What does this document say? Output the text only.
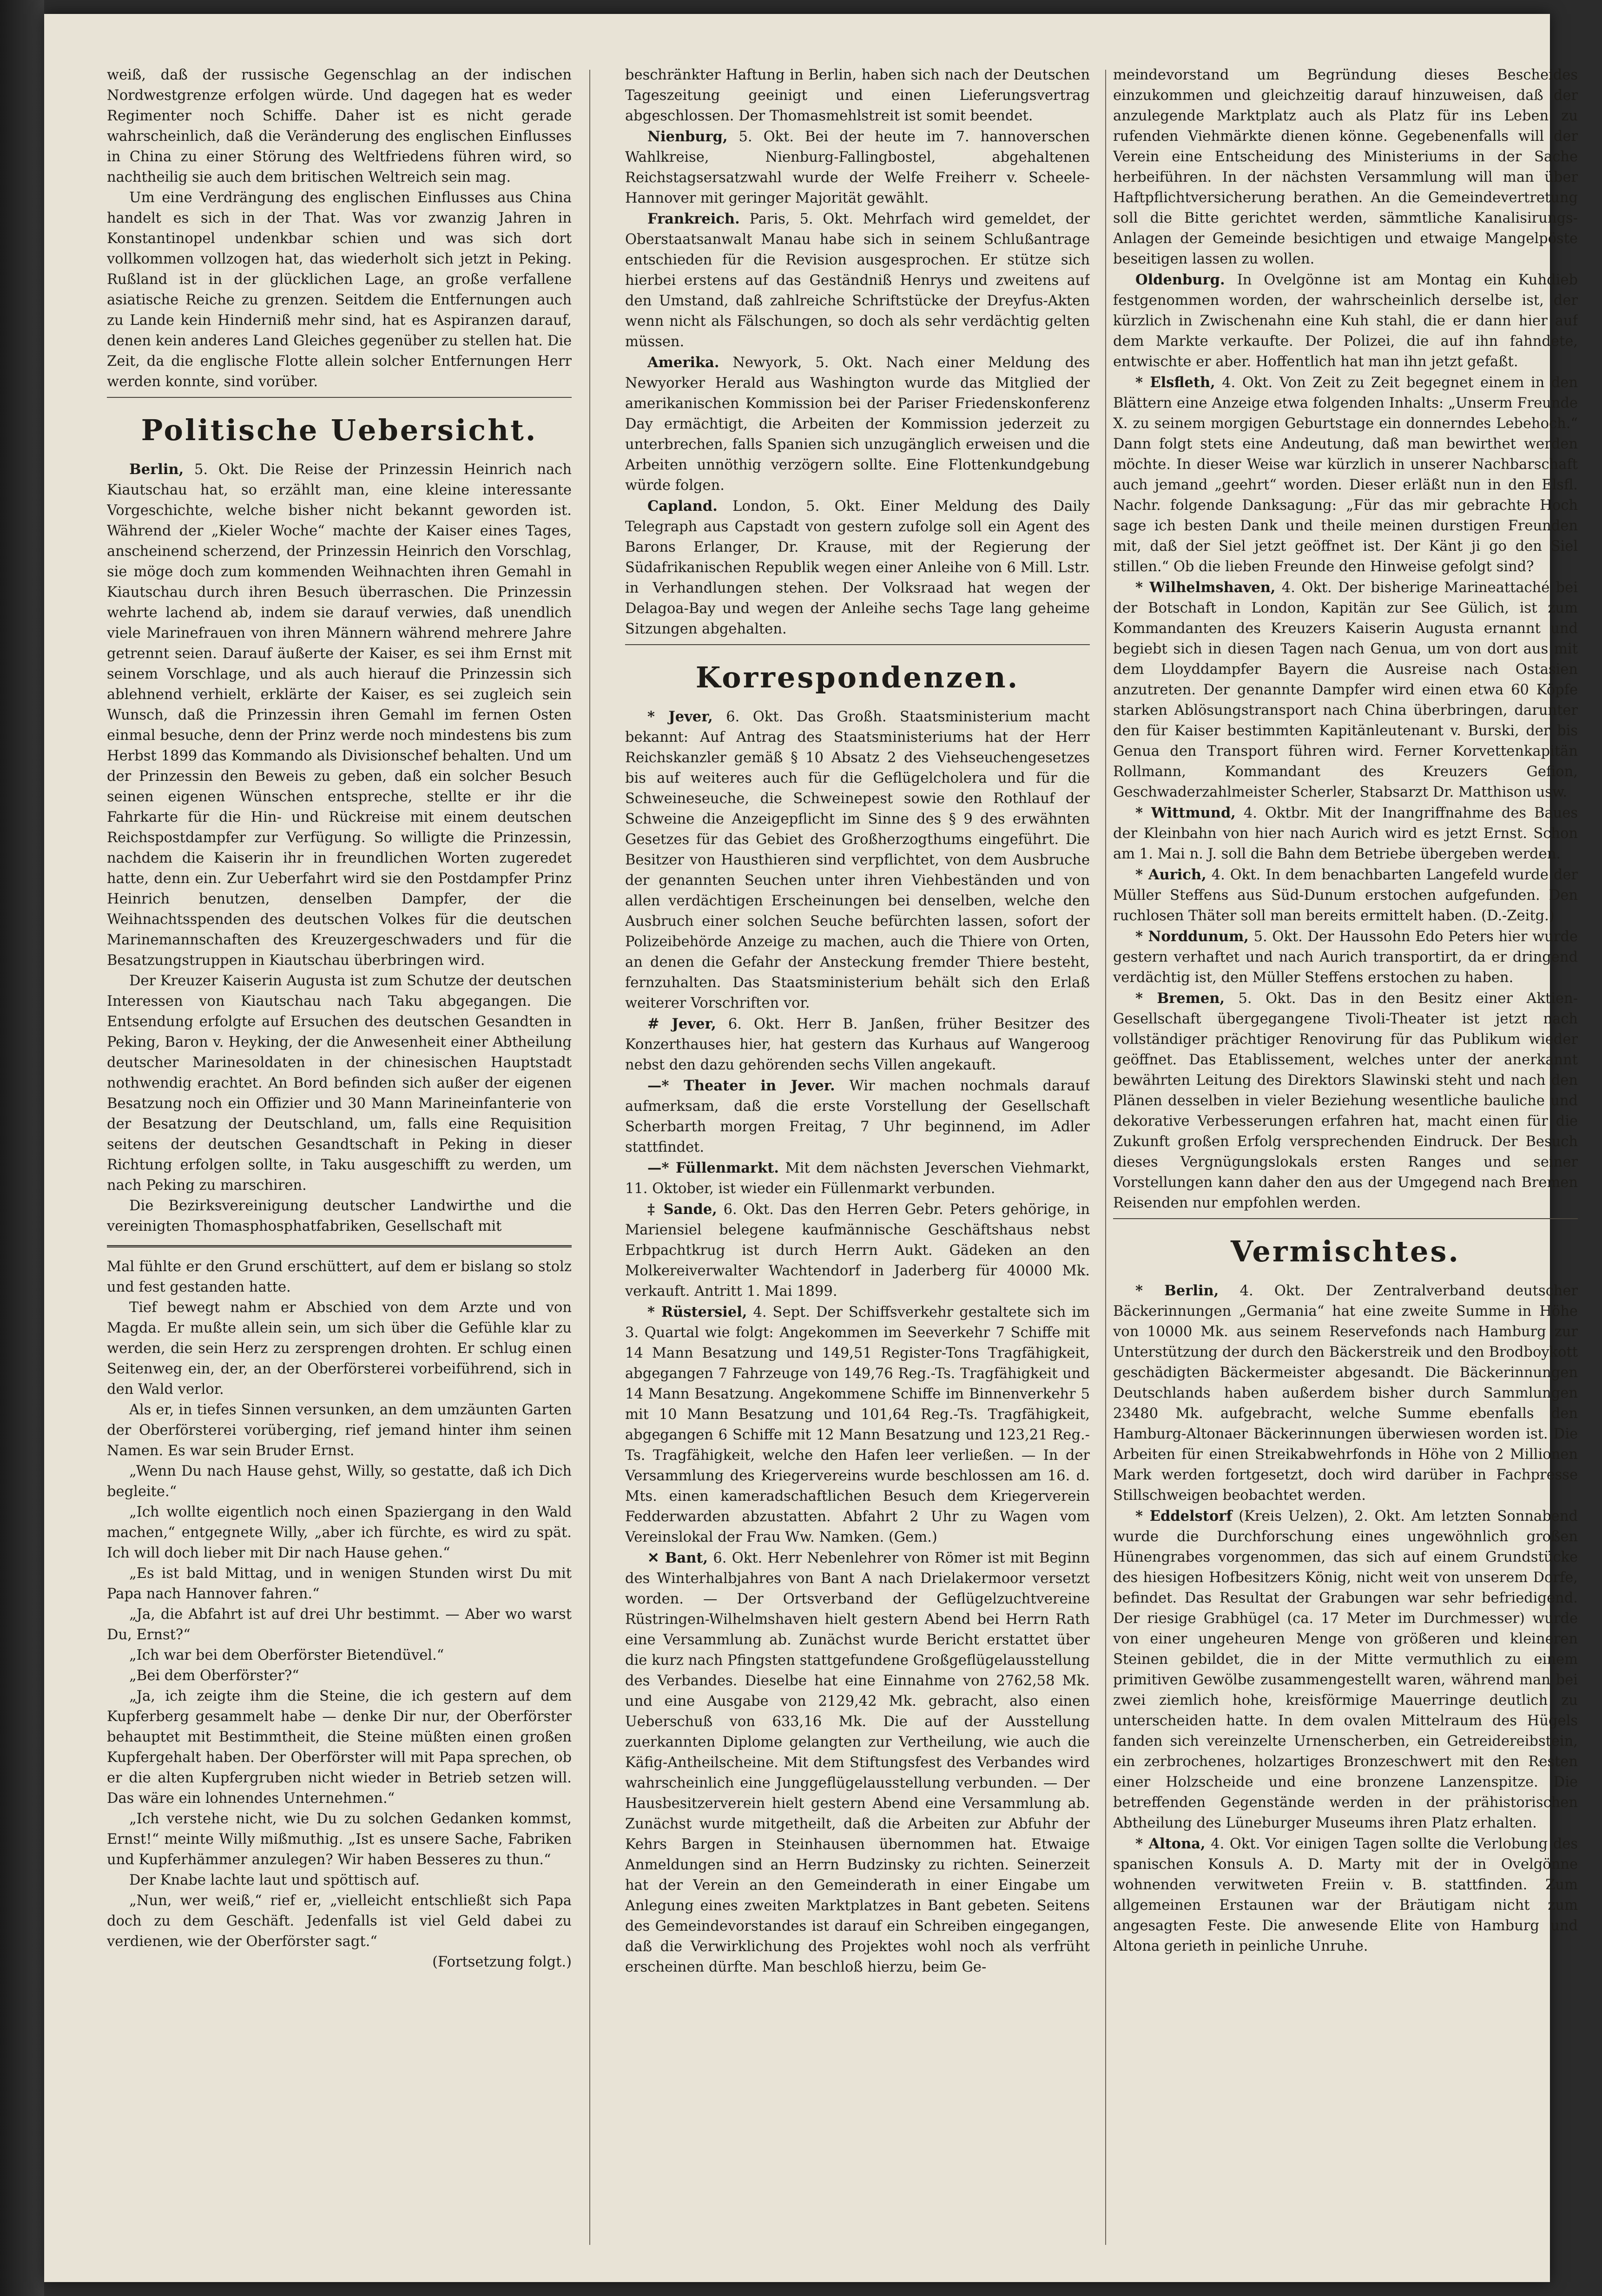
weiß, daß der russische Gegenschlag an der indischen Nordwestgrenze erfolgen würde. Und dagegen hat es weder Regimenter noch Schiffe. Daher ist es nicht gerade wahrscheinlich, daß die Veränderung des englischen Einflusses in China zu einer Störung des Weltfriedens führen wird, so nachtheilig sie auch dem britischen Weltreich sein mag.

Um eine Verdrängung des englischen Einflusses aus China handelt es sich in der That. Was vor zwanzig Jahren in Konstantinopel undenkbar schien und was sich dort vollkommen vollzogen hat, das wiederholt sich jetzt in Peking. Rußland ist in der glücklichen Lage, an große verfallene asiatische Reiche zu grenzen. Seitdem die Entfernungen auch zu Lande kein Hinderniß mehr sind, hat es Aspiranzen darauf, denen kein anderes Land Gleiches gegenüber zu stellen hat. Die Zeit, da die englische Flotte allein solcher Entfernungen Herr werden konnte, sind vorüber.

Politische Uebersicht.

Berlin, 5. Okt. Die Reise der Prinzessin Heinrich nach Kiautschau hat, so erzählt man, eine kleine interessante Vorgeschichte, welche bisher nicht bekannt geworden ist. Während der „Kieler Woche“ machte der Kaiser eines Tages, anscheinend scherzend, der Prinzessin Heinrich den Vorschlag, sie möge doch zum kommenden Weihnachten ihren Gemahl in Kiautschau durch ihren Besuch überraschen. Die Prinzessin wehrte lachend ab, indem sie darauf verwies, daß unendlich viele Marinefrauen von ihren Männern während mehrere Jahre getrennt seien. Darauf äußerte der Kaiser, es sei ihm Ernst mit seinem Vorschlage, und als auch hierauf die Prinzessin sich ablehnend verhielt, erklärte der Kaiser, es sei zugleich sein Wunsch, daß die Prinzessin ihren Gemahl im fernen Osten einmal besuche, denn der Prinz werde noch mindestens bis zum Herbst 1899 das Kommando als Divisionschef behalten. Und um der Prinzessin den Beweis zu geben, daß ein solcher Besuch seinen eigenen Wünschen entspreche, stellte er ihr die Fahrkarte für die Hin- und Rückreise mit einem deutschen Reichspostdampfer zur Verfügung. So willigte die Prinzessin, nachdem die Kaiserin ihr in freundlichen Worten zugeredet hatte, denn ein. Zur Ueberfahrt wird sie den Postdampfer Prinz Heinrich benutzen, denselben Dampfer, der die Weihnachtsspenden des deutschen Volkes für die deutschen Marinemannschaften des Kreuzergeschwaders und für die Besatzungstruppen in Kiautschau überbringen wird.

Der Kreuzer Kaiserin Augusta ist zum Schutze der deutschen Interessen von Kiautschau nach Taku abgegangen. Die Entsendung erfolgte auf Ersuchen des deutschen Gesandten in Peking, Baron v. Heyking, der die Anwesenheit einer Abtheilung deutscher Marinesoldaten in der chinesischen Hauptstadt nothwendig erachtet. An Bord befinden sich außer der eigenen Besatzung noch ein Offizier und 30 Mann Marineinfanterie von der Besatzung der Deutschland, um, falls eine Requisition seitens der deutschen Gesandtschaft in Peking in dieser Richtung erfolgen sollte, in Taku ausgeschifft zu werden, um nach Peking zu marschiren.

Die Bezirksvereinigung deutscher Landwirthe und die vereinigten Thomasphosphatfabriken, Gesellschaft mit

Mal fühlte er den Grund erschüttert, auf dem er bislang so stolz und fest gestanden hatte.

Tief bewegt nahm er Abschied von dem Arzte und von Magda. Er mußte allein sein, um sich über die Gefühle klar zu werden, die sein Herz zu zersprengen drohten. Er schlug einen Seitenweg ein, der, an der Oberförsterei vorbeiführend, sich in den Wald verlor.

Als er, in tiefes Sinnen versunken, an dem umzäunten Garten der Oberförsterei vorüberging, rief jemand hinter ihm seinen Namen. Es war sein Bruder Ernst.

„Wenn Du nach Hause gehst, Willy, so gestatte, daß ich Dich begleite.“

„Ich wollte eigentlich noch einen Spaziergang in den Wald machen,“ entgegnete Willy, „aber ich fürchte, es wird zu spät. Ich will doch lieber mit Dir nach Hause gehen.“

„Es ist bald Mittag, und in wenigen Stunden wirst Du mit Papa nach Hannover fahren.“

„Ja, die Abfahrt ist auf drei Uhr bestimmt. — Aber wo warst Du, Ernst?“

„Ich war bei dem Oberförster Bietendüvel.“

„Bei dem Oberförster?“

„Ja, ich zeigte ihm die Steine, die ich gestern auf dem Kupferberg gesammelt habe — denke Dir nur, der Oberförster behauptet mit Bestimmtheit, die Steine müßten einen großen Kupfergehalt haben. Der Oberförster will mit Papa sprechen, ob er die alten Kupfergruben nicht wieder in Betrieb setzen will. Das wäre ein lohnendes Unternehmen.“

„Ich verstehe nicht, wie Du zu solchen Gedanken kommst, Ernst!“ meinte Willy mißmuthig. „Ist es unsere Sache, Fabriken und Kupferhämmer anzulegen? Wir haben Besseres zu thun.“

Der Knabe lachte laut und spöttisch auf.

„Nun, wer weiß,“ rief er, „vielleicht entschließt sich Papa doch zu dem Geschäft. Jedenfalls ist viel Geld dabei zu verdienen, wie der Oberförster sagt.“

(Fortsetzung folgt.)

beschränkter Haftung in Berlin, haben sich nach der Deutschen Tageszeitung geeinigt und einen Lieferungsvertrag abgeschlossen. Der Thomasmehlstreit ist somit beendet.

Nienburg, 5. Okt. Bei der heute im 7. hannoverschen Wahlkreise, Nienburg-Fallingbostel, abgehaltenen Reichstagsersatzwahl wurde der Welfe Freiherr v. Scheele-Hannover mit geringer Majorität gewählt.

Frankreich. Paris, 5. Okt. Mehrfach wird gemeldet, der Oberstaatsanwalt Manau habe sich in seinem Schlußantrage entschieden für die Revision ausgesprochen. Er stütze sich hierbei erstens auf das Geständniß Henrys und zweitens auf den Umstand, daß zahlreiche Schriftstücke der Dreyfus-Akten wenn nicht als Fälschungen, so doch als sehr verdächtig gelten müssen.

Amerika. Newyork, 5. Okt. Nach einer Meldung des Newyorker Herald aus Washington wurde das Mitglied der amerikanischen Kommission bei der Pariser Friedenskonferenz Day ermächtigt, die Arbeiten der Kommission jederzeit zu unterbrechen, falls Spanien sich unzugänglich erweisen und die Arbeiten unnöthig verzögern sollte. Eine Flottenkundgebung würde folgen.

Capland. London, 5. Okt. Einer Meldung des Daily Telegraph aus Capstadt von gestern zufolge soll ein Agent des Barons Erlanger, Dr. Krause, mit der Regierung der Südafrikanischen Republik wegen einer Anleihe von 6 Mill. Lstr. in Verhandlungen stehen. Der Volksraad hat wegen der Delagoa-Bay und wegen der Anleihe sechs Tage lang geheime Sitzungen abgehalten.

Korrespondenzen.

* Jever, 6. Okt. Das Großh. Staatsministerium macht bekannt: Auf Antrag des Staatsministeriums hat der Herr Reichskanzler gemäß § 10 Absatz 2 des Viehseuchengesetzes bis auf weiteres auch für die Geflügelcholera und für die Schweineseuche, die Schweinepest sowie den Rothlauf der Schweine die Anzeigepflicht im Sinne des § 9 des erwähnten Gesetzes für das Gebiet des Großherzogthums eingeführt. Die Besitzer von Hausthieren sind verpflichtet, von dem Ausbruche der genannten Seuchen unter ihren Viehbeständen und von allen verdächtigen Erscheinungen bei denselben, welche den Ausbruch einer solchen Seuche befürchten lassen, sofort der Polizeibehörde Anzeige zu machen, auch die Thiere von Orten, an denen die Gefahr der Ansteckung fremder Thiere besteht, fernzuhalten. Das Staatsministerium behält sich den Erlaß weiterer Vorschriften vor.

# Jever, 6. Okt. Herr B. Janßen, früher Besitzer des Konzerthauses hier, hat gestern das Kurhaus auf Wangeroog nebst den dazu gehörenden sechs Villen angekauft.

—* Theater in Jever. Wir machen nochmals darauf aufmerksam, daß die erste Vorstellung der Gesellschaft Scherbarth morgen Freitag, 7 Uhr beginnend, im Adler stattfindet.

—* Füllenmarkt. Mit dem nächsten Jeverschen Viehmarkt, 11. Oktober, ist wieder ein Füllenmarkt verbunden.

‡ Sande, 6. Okt. Das den Herren Gebr. Peters gehörige, in Mariensiel belegene kaufmännische Geschäftshaus nebst Erbpachtkrug ist durch Herrn Aukt. Gädeken an den Molkereiverwalter Wachtendorf in Jaderberg für 40000 Mk. verkauft. Antritt 1. Mai 1899.

* Rüstersiel, 4. Sept. Der Schiffsverkehr gestaltete sich im 3. Quartal wie folgt: Angekommen im Seeverkehr 7 Schiffe mit 14 Mann Besatzung und 149,51 Register-Tons Tragfähigkeit, abgegangen 7 Fahrzeuge von 149,76 Reg.-Ts. Tragfähigkeit und 14 Mann Besatzung. Angekommene Schiffe im Binnenverkehr 5 mit 10 Mann Besatzung und 101,64 Reg.-Ts. Tragfähigkeit, abgegangen 6 Schiffe mit 12 Mann Besatzung und 123,21 Reg.-Ts. Tragfähigkeit, welche den Hafen leer verließen. — In der Versammlung des Kriegervereins wurde beschlossen am 16. d. Mts. einen kameradschaftlichen Besuch dem Kriegerverein Fedderwarden abzustatten. Abfahrt 2 Uhr zu Wagen vom Vereinslokal der Frau Ww. Namken. (Gem.)

✕ Bant, 6. Okt. Herr Nebenlehrer von Römer ist mit Beginn des Winterhalbjahres von Bant A nach Drielakermoor versetzt worden. — Der Ortsverband der Geflügelzuchtvereine Rüstringen-Wilhelmshaven hielt gestern Abend bei Herrn Rath eine Versammlung ab. Zunächst wurde Bericht erstattet über die kurz nach Pfingsten stattgefundene Großgeflügelausstellung des Verbandes. Dieselbe hat eine Einnahme von 2762,58 Mk. und eine Ausgabe von 2129,42 Mk. gebracht, also einen Ueberschuß von 633,16 Mk. Die auf der Ausstellung zuerkannten Diplome gelangten zur Vertheilung, wie auch die Käfig-Antheilscheine. Mit dem Stiftungsfest des Verbandes wird wahrscheinlich eine Junggeflügelausstellung verbunden. — Der Hausbesitzerverein hielt gestern Abend eine Versammlung ab. Zunächst wurde mitgetheilt, daß die Arbeiten zur Abfuhr der Kehrs Bargen in Steinhausen übernommen hat. Etwaige Anmeldungen sind an Herrn Budzinsky zu richten. Seinerzeit hat der Verein an den Gemeinderath in einer Eingabe um Anlegung eines zweiten Marktplatzes in Bant gebeten. Seitens des Gemeindevorstandes ist darauf ein Schreiben eingegangen, daß die Verwirklichung des Projektes wohl noch als verfrüht erscheinen dürfte. Man beschloß hierzu, beim Ge-

meindevorstand um Begründung dieses Bescheides einzukommen und gleichzeitig darauf hinzuweisen, daß der anzulegende Marktplatz auch als Platz für ins Leben zu rufenden Viehmärkte dienen könne. Gegebenenfalls will der Verein eine Entscheidung des Ministeriums in der Sache herbeiführen. In der nächsten Versammlung will man über Haftpflichtversicherung berathen. An die Gemeindevertretung soll die Bitte gerichtet werden, sämmtliche Kanalisirungs-Anlagen der Gemeinde besichtigen und etwaige Mangelpöste beseitigen lassen zu wollen.

Oldenburg. In Ovelgönne ist am Montag ein Kuhdieb festgenommen worden, der wahrscheinlich derselbe ist, der kürzlich in Zwischenahn eine Kuh stahl, die er dann hier auf dem Markte verkaufte. Der Polizei, die auf ihn fahndete, entwischte er aber. Hoffentlich hat man ihn jetzt gefaßt.

* Elsfleth, 4. Okt. Von Zeit zu Zeit begegnet einem in den Blättern eine Anzeige etwa folgenden Inhalts: „Unserm Freunde X. zu seinem morgigen Geburtstage ein donnerndes Lebehoch.“ Dann folgt stets eine Andeutung, daß man bewirthet werden möchte. In dieser Weise war kürzlich in unserer Nachbarschaft auch jemand „geehrt“ worden. Dieser erläßt nun in den Elsfl. Nachr. folgende Danksagung: „Für das mir gebrachte Hoch sage ich besten Dank und theile meinen durstigen Freunden mit, daß der Siel jetzt geöffnet ist. Der Känt ji go den Siel stillen.“ Ob die lieben Freunde den Hinweise gefolgt sind?

* Wilhelmshaven, 4. Okt. Der bisherige Marineattaché bei der Botschaft in London, Kapitän zur See Gülich, ist zum Kommandanten des Kreuzers Kaiserin Augusta ernannt und begiebt sich in diesen Tagen nach Genua, um von dort aus mit dem Lloyddampfer Bayern die Ausreise nach Ostasien anzutreten. Der genannte Dampfer wird einen etwa 60 Köpfe starken Ablösungstransport nach China überbringen, darunter den für Kaiser bestimmten Kapitänleutenant v. Burski, der bis Genua den Transport führen wird. Ferner Korvettenkapitän Rollmann, Kommandant des Kreuzers Gefion, Geschwaderzahlmeister Scherler, Stabsarzt Dr. Matthison usw.

* Wittmund, 4. Oktbr. Mit der Inangriffnahme des Baues der Kleinbahn von hier nach Aurich wird es jetzt Ernst. Schon am 1. Mai n. J. soll die Bahn dem Betriebe übergeben werden.

* Aurich, 4. Okt. In dem benachbarten Langefeld wurde der Müller Steffens aus Süd-Dunum erstochen aufgefunden. Den ruchlosen Thäter soll man bereits ermittelt haben. (D.-Zeitg.)

* Norddunum, 5. Okt. Der Haussohn Edo Peters hier wurde gestern verhaftet und nach Aurich transportirt, da er dringend verdächtig ist, den Müller Steffens erstochen zu haben.

* Bremen, 5. Okt. Das in den Besitz einer Aktien-Gesellschaft übergegangene Tivoli-Theater ist jetzt nach vollständiger prächtiger Renovirung für das Publikum wieder geöffnet. Das Etablissement, welches unter der anerkannt bewährten Leitung des Direktors Slawinski steht und nach den Plänen desselben in vieler Beziehung wesentliche bauliche und dekorative Verbesserungen erfahren hat, macht einen für die Zukunft großen Erfolg versprechenden Eindruck. Der Besuch dieses Vergnügungslokals ersten Ranges und seiner Vorstellungen kann daher den aus der Umgegend nach Bremen Reisenden nur empfohlen werden.

Vermischtes.

* Berlin, 4. Okt. Der Zentralverband deutscher Bäckerinnungen „Germania“ hat eine zweite Summe in Höhe von 10000 Mk. aus seinem Reservefonds nach Hamburg zur Unterstützung der durch den Bäckerstreik und den Brodboykott geschädigten Bäckermeister abgesandt. Die Bäckerinnungen Deutschlands haben außerdem bisher durch Sammlungen 23480 Mk. aufgebracht, welche Summe ebenfalls den Hamburg-Altonaer Bäckerinnungen überwiesen worden ist. Die Arbeiten für einen Streikabwehrfonds in Höhe von 2 Millionen Mark werden fortgesetzt, doch wird darüber in Fachpresse Stillschweigen beobachtet werden.

* Eddelstorf (Kreis Uelzen), 2. Okt. Am letzten Sonnabend wurde die Durchforschung eines ungewöhnlich großen Hünengrabes vorgenommen, das sich auf einem Grundstücke des hiesigen Hofbesitzers König, nicht weit von unserem Dorfe, befindet. Das Resultat der Grabungen war sehr befriedigend. Der riesige Grabhügel (ca. 17 Meter im Durchmesser) wurde von einer ungeheuren Menge von größeren und kleineren Steinen gebildet, die in der Mitte vermuthlich zu einem primitiven Gewölbe zusammengestellt waren, während man bei zwei ziemlich hohe, kreisförmige Mauerringe deutlich zu unterscheiden hatte. In dem ovalen Mittelraum des Hügels fanden sich vereinzelte Urnenscherben, ein Getreidereibstein, ein zerbrochenes, holzartiges Bronzeschwert mit den Resten einer Holzscheide und eine bronzene Lanzenspitze. Die betreffenden Gegenstände werden in der prähistorischen Abtheilung des Lüneburger Museums ihren Platz erhalten.

* Altona, 4. Okt. Vor einigen Tagen sollte die Verlobung des spanischen Konsuls A. D. Marty mit der in Ovelgönne wohnenden verwitweten Freiin v. B. stattfinden. Zum allgemeinen Erstaunen war der Bräutigam nicht zum angesagten Feste. Die anwesende Elite von Hamburg und Altona gerieth in peinliche Unruhe.
